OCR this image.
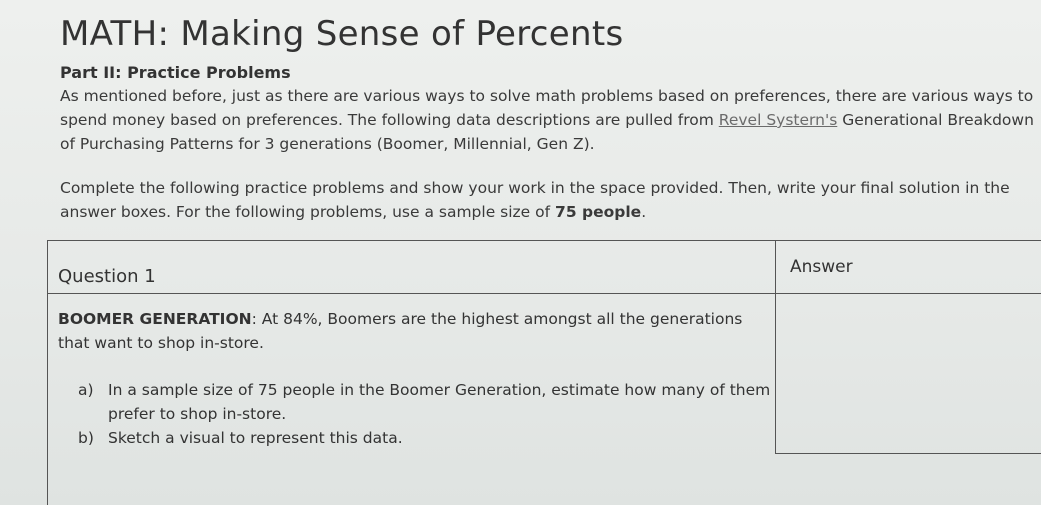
MATH: Making Sense of Percents
Part II: Practice Problems
As mentioned before, just as there are various ways to solve math problems based on preferences, there are various ways to spend money based on preferences. The following data descriptions are pulled from Revel Systern's Generational Breakdown of Purchasing Patterns for 3 generations (Boomer, Millennial, Gen Z).
Complete the following practice problems and show your work in the space provided. Then, write your final solution in the answer boxes. For the following problems, use a sample size of 75 people.
Question 1	Answer
BOOMER GENERATION: At 84%, Boomers are the highest amongst all the generations that want to shop in-store.
a) In a sample size of 75 people in the Boomer Generation, estimate how many of them prefer to shop in-store.
b) Sketch a visual to represent this data.
